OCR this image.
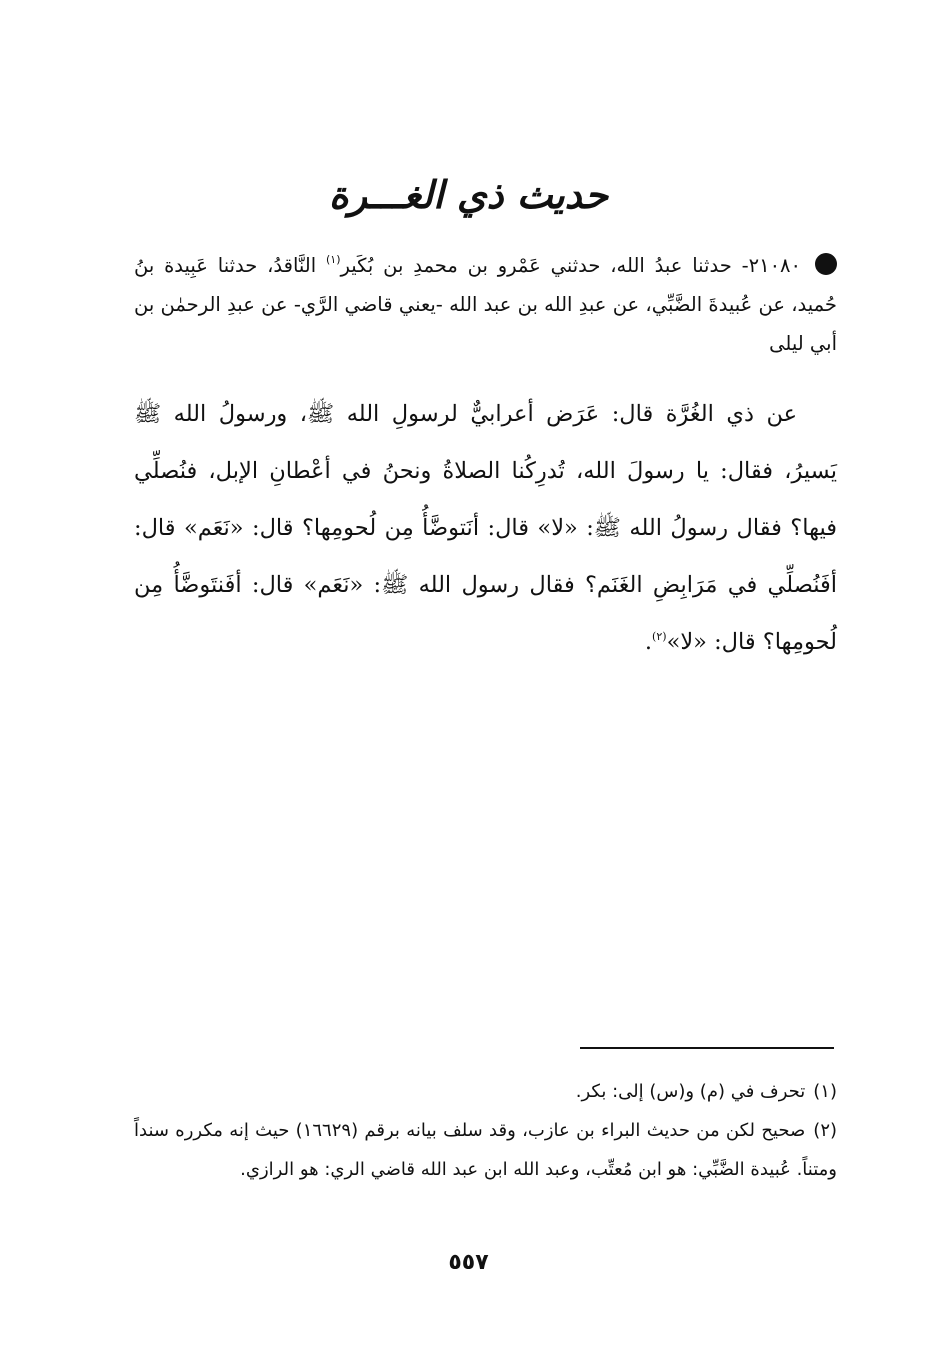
حديث ذي الغـــرة
٢١٠٨٠- حدثنا عبدُ الله، حدثني عَمْرو بن محمدِ بن بُكَير$^{(١)}$ النَّاقدُ، حدثنا عَبِيدة بنُ حُميد، عن عُبيدةَ الضَّبِّي، عن عبدِ الله بن عبد الله -يعني قاضي الرَّي- عن عبدِ الرحمٰن بن أبي ليلى
عن ذي الغُرَّة قال: عَرَض أعرابيٌّ لرسولِ الله ﷺ، ورسولُ الله ﷺ يَسيرُ، فقال: يا رسولَ الله، تُدرِكُنا الصلاةُ ونحنُ في أعْطانِ الإبل، فنُصلِّي فيها؟ فقال رسولُ الله ﷺ: «لا» قال: أنَتوضَّأُ مِن لُحومِها؟ قال: «نَعَم» قال: أفَنُصلِّي في مَرَابِضِ الغَنَم؟ فقال رسول الله ﷺ: «نَعَم» قال: أفَنتَوضَّأُ مِن لُحومِها؟ قال: «لا»$^{(٢)}$.

(١)تحرف في (م) و(س) إلى: بكر.

(٢)صحيح لكن من حديث البراء بن عازب، وقد سلف بيانه برقم (١٦٦٢٩) حيث إنه مكرره سنداً ومتناً. عُبيدة الضَّبِّي: هو ابن مُعتِّب، وعبد الله ابن عبد الله قاضي الري: هو الرازي.

٥٥٧
